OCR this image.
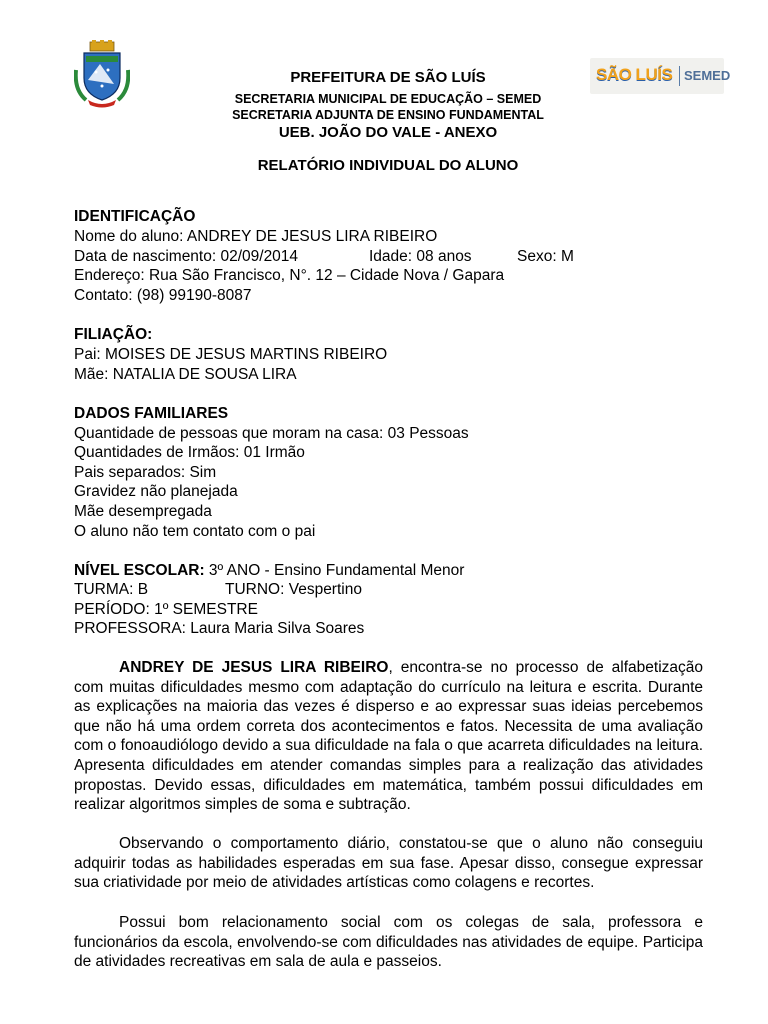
SÃO LUÍS SEMED
PREFEITURA DE SÃO LUÍS
SECRETARIA MUNICIPAL DE EDUCAÇÃO – SEMED
SECRETARIA ADJUNTA DE ENSINO FUNDAMENTAL
UEB. JOÃO DO VALE - ANEXO
RELATÓRIO INDIVIDUAL DO ALUNO
IDENTIFICAÇÃO
Nome do aluno: ANDREY DE JESUS LIRA RIBEIRO
Data de nascimento: 02/09/2014	Idade: 08 anos	Sexo: M
Endereço: Rua São Francisco, N°. 12 – Cidade Nova / Gapara
Contato: (98) 99190-8087
FILIAÇÃO:
Pai: MOISES DE JESUS MARTINS RIBEIRO
Mãe: NATALIA DE SOUSA LIRA
DADOS FAMILIARES
Quantidade de pessoas que moram na casa: 03 Pessoas
Quantidades de Irmãos: 01 Irmão
Pais separados: Sim
Gravidez não planejada
Mãe desempregada
O aluno não tem contato com o pai
NÍVEL ESCOLAR: 3º ANO - Ensino Fundamental Menor
TURMA: B	TURNO: Vespertino
PERÍODO: 1º SEMESTRE
PROFESSORA: Laura Maria Silva Soares
ANDREY DE JESUS LIRA RIBEIRO, encontra-se no processo de alfabetização com muitas dificuldades mesmo com adaptação do currículo na leitura e escrita. Durante as explicações na maioria das vezes é disperso e ao expressar suas ideias percebemos que não há uma ordem correta dos acontecimentos e fatos. Necessita de uma avaliação com o fonoaudiólogo devido a sua dificuldade na fala o que acarreta dificuldades na leitura. Apresenta dificuldades em atender comandas simples para a realização das atividades propostas. Devido essas, dificuldades em matemática, também possui dificuldades em realizar algoritmos simples de soma e subtração.
Observando o comportamento diário, constatou-se que o aluno não conseguiu adquirir todas as habilidades esperadas em sua fase. Apesar disso, consegue expressar sua criatividade por meio de atividades artísticas como colagens e recortes.
Possui bom relacionamento social com os colegas de sala, professora e funcionários da escola, envolvendo-se com dificuldades nas atividades de equipe. Participa de atividades recreativas em sala de aula e passeios.
